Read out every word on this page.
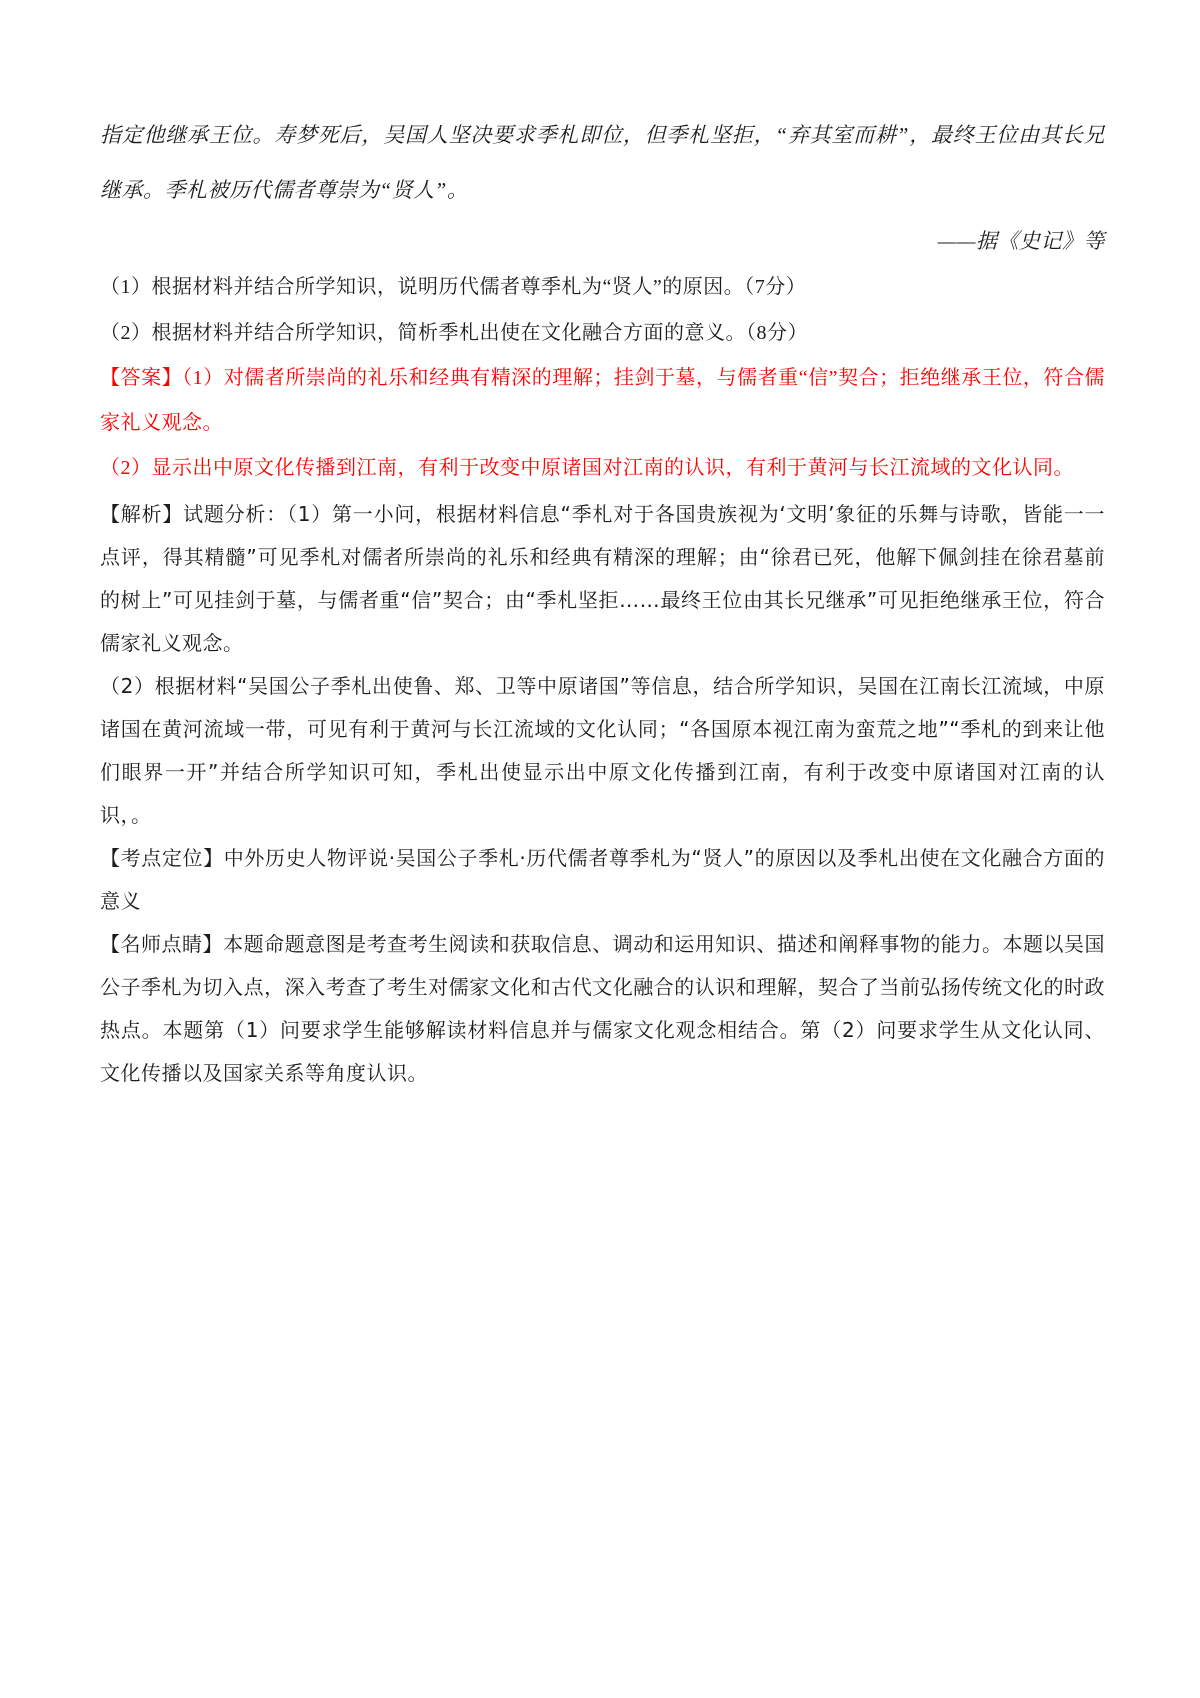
指定他继承王位。寿梦死后，吴国人坚决要求季札即位，但季札坚拒，“弃其室而耕”，最终王位由其长兄继承。季札被历代儒者尊崇为“贤人”。

——据《史记》等

（1）根据材料并结合所学知识，说明历代儒者尊季札为“贤人”的原因。（7分）

（2）根据材料并结合所学知识，简析季札出使在文化融合方面的意义。（8分）

【答案】（1）对儒者所崇尚的礼乐和经典有精深的理解；挂剑于墓，与儒者重“信”契合；拒绝继承王位，符合儒家礼义观念。

（2）显示出中原文化传播到江南，有利于改变中原诸国对江南的认识，有利于黄河与长江流域的文化认同。

【解析】试题分析：（1）第一小问，根据材料信息“季札对于各国贵族视为‘文明’象征的乐舞与诗歌，皆能一一点评，得其精髓”可见季札对儒者所崇尚的礼乐和经典有精深的理解；由“徐君已死，他解下佩剑挂在徐君墓前的树上”可见挂剑于墓，与儒者重“信”契合；由“季札坚拒……最终王位由其长兄继承”可见拒绝继承王位，符合儒家礼义观念。

（2）根据材料“吴国公子季札出使鲁、郑、卫等中原诸国”等信息，结合所学知识，吴国在江南长江流域，中原诸国在黄河流域一带，可见有利于黄河与长江流域的文化认同；“各国原本视江南为蛮荒之地”“季札的到来让他们眼界一开”并结合所学知识可知，季札出使显示出中原文化传播到江南，有利于改变中原诸国对江南的认识，。

【考点定位】中外历史人物评说·吴国公子季札·历代儒者尊季札为“贤人”的原因以及季札出使在文化融合方面的意义

【名师点睛】本题命题意图是考查考生阅读和获取信息、调动和运用知识、描述和阐释事物的能力。本题以吴国公子季札为切入点，深入考查了考生对儒家文化和古代文化融合的认识和理解，契合了当前弘扬传统文化的时政热点。本题第（1）问要求学生能够解读材料信息并与儒家文化观念相结合。第（2）问要求学生从文化认同、文化传播以及国家关系等角度认识。
